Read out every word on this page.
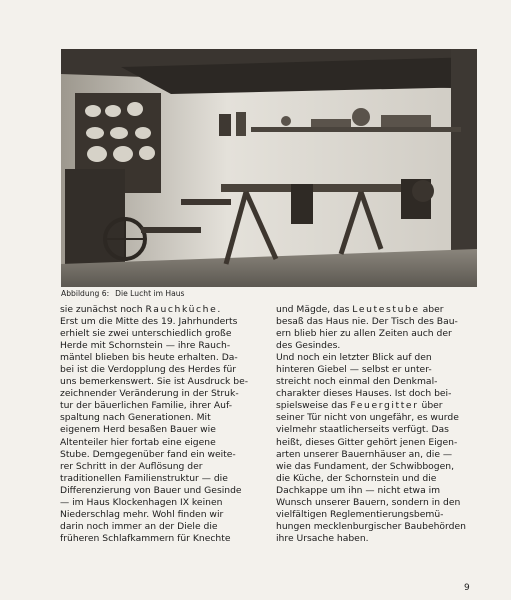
Abbildung 6: Die Lucht im Haus

sie zunächst noch Rauchküche.

Erst um die Mitte des 19. Jahrhunderts

erhielt sie zwei unterschiedlich große

Herde mit Schornstein — ihre Rauch-

mäntel blieben bis heute erhalten. Da-

bei ist die Verdopplung des Herdes für

uns bemerkenswert. Sie ist Ausdruck be-

zeichnender Veränderung in der Struk-

tur der bäuerlichen Familie, ihrer Auf-

spaltung nach Generationen. Mit

eigenem Herd besaßen Bauer wie

Altenteiler hier fortab eine eigene

Stube. Demgegenüber fand ein weite-

rer Schritt in der Auflösung der

traditionellen Familienstruktur — die

Differenzierung von Bauer und Gesinde

— im Haus Klockenhagen IX keinen

Niederschlag mehr. Wohl finden wir

darin noch immer an der Diele die

früheren Schlafkammern für Knechte

und Mägde, das Leutestube aber

besaß das Haus nie. Der Tisch des Bau-

ern blieb hier zu allen Zeiten auch der

des Gesindes.

Und noch ein letzter Blick auf den

hinteren Giebel — selbst er unter-

streicht noch einmal den Denkmal-

charakter dieses Hauses. Ist doch bei-

spielsweise das Feuergitter über

seiner Tür nicht von ungefähr, es wurde

vielmehr staatlicherseits verfügt. Das

heißt, dieses Gitter gehört jenen Eigen-

arten unserer Bauernhäuser an, die —

wie das Fundament, der Schwibbogen,

die Küche, der Schornstein und die

Dachkappe um ihn — nicht etwa im

Wunsch unserer Bauern, sondern in den

vielfältigen Reglementierungsbemü-

hungen mecklenburgischer Baubehörden

ihre Ursache haben.

9
